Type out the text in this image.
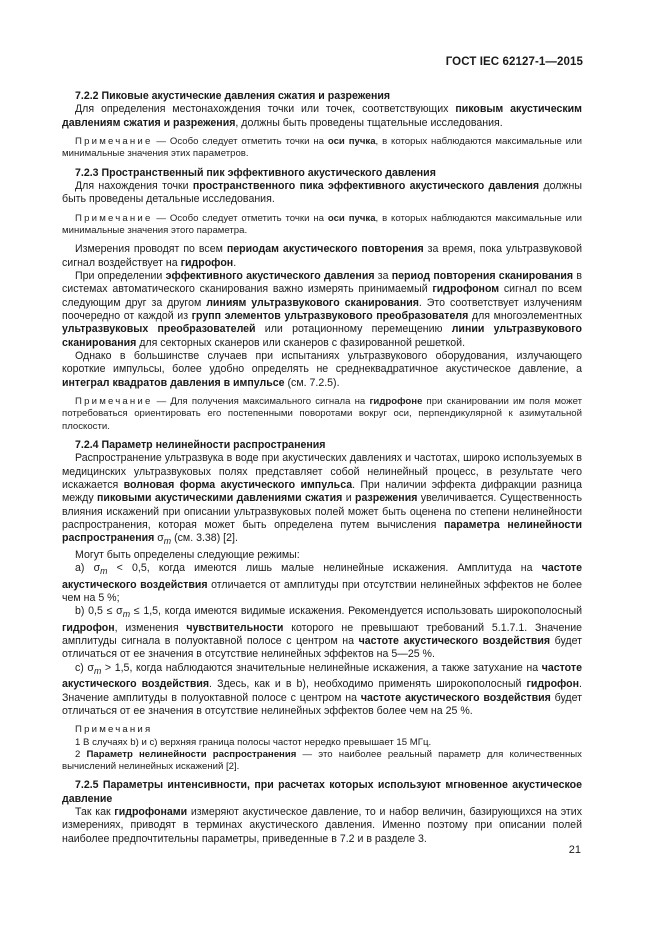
ГОСТ IEC 62127-1—2015

7.2.2 Пиковые акустические давления сжатия и разрежения

Для определения местонахождения точки или точек, соответствующих пиковым акустическим давлениям сжатия и разрежения, должны быть проведены тщательные исследования.

Примечание — Особо следует отметить точки на оси пучка, в которых наблюдаются максимальные или минимальные значения этих параметров.

7.2.3 Пространственный пик эффективного акустического давления

Для нахождения точки пространственного пика эффективного акустического давления должны быть проведены детальные исследования.

Примечание — Особо следует отметить точки на оси пучка, в которых наблюдаются максимальные или минимальные значения этого параметра.

Измерения проводят по всем периодам акустического повторения за время, пока ультразвуковой сигнал воздействует на гидрофон.

При определении эффективного акустического давления за период повторения сканирования в системах автоматического сканирования важно измерять принимаемый гидрофоном сигнал по всем следующим друг за другом линиям ультразвукового сканирования. Это соответствует излучениям поочередно от каждой из групп элементов ультразвукового преобразователя для многоэлементных ультразвуковых преобразователей или ротационному перемещению линии ультразвукового сканирования для секторных сканеров или сканеров с фазированной решеткой.

Однако в большинстве случаев при испытаниях ультразвукового оборудования, излучающего короткие импульсы, более удобно определять не среднеквадратичное акустическое давление, а интеграл квадратов давления в импульсе (см. 7.2.5).

Примечание — Для получения максимального сигнала на гидрофоне при сканировании им поля может потребоваться ориентировать его постепенными поворотами вокруг оси, перпендикулярной к азимутальной плоскости.

7.2.4 Параметр нелинейности распространения

Распространение ультразвука в воде при акустических давлениях и частотах, широко используемых в медицинских ультразвуковых полях представляет собой нелинейный процесс, в результате чего искажается волновая форма акустического импульса. При наличии эффекта дифракции разница между пиковыми акустическими давлениями сжатия и разрежения увеличивается. Существенность влияния искажений при описании ультразвуковых полей может быть оценена по степени нелинейности распространения, которая может быть определена путем вычисления параметра нелинейности распространения $\sigma_m$ (см. 3.38) [2].

Могут быть определены следующие режимы:

a) $\sigma_m < 0,5$, когда имеются лишь малые нелинейные искажения. Амплитуда на частоте акустического воздействия отличается от амплитуды при отсутствии нелинейных эффектов не более чем на 5 %;

b) $0,5 \le \sigma_m \le 1,5$, когда имеются видимые искажения. Рекомендуется использовать широкополосный гидрофон, изменения чувствительности которого не превышают требований 5.1.7.1. Значение амплитуды сигнала в полуоктавной полосе с центром на частоте акустического воздействия будет отличаться от ее значения в отсутствие нелинейных эффектов на 5—25 %.

c) $\sigma_m > 1,5$, когда наблюдаются значительные нелинейные искажения, а также затухание на частоте акустического воздействия. Здесь, как и в b), необходимо применять широкополосный гидрофон. Значение амплитуды в полуоктавной полосе с центром на частоте акустического воздействия будет отличаться от ее значения в отсутствие нелинейных эффектов более чем на 25 %.

Примечания

1 В случаях b) и c) верхняя граница полосы частот нередко превышает 15 МГц.

2 Параметр нелинейности распространения — это наиболее реальный параметр для количественных вычислений нелинейных искажений [2].

7.2.5 Параметры интенсивности, при расчетах которых используют мгновенное акустическое давление

Так как гидрофонами измеряют акустическое давление, то и набор величин, базирующихся на этих измерениях, приводят в терминах акустического давления. Именно поэтому при описании полей наиболее предпочтительны параметры, приведенные в 7.2 и в разделе 3.

21
